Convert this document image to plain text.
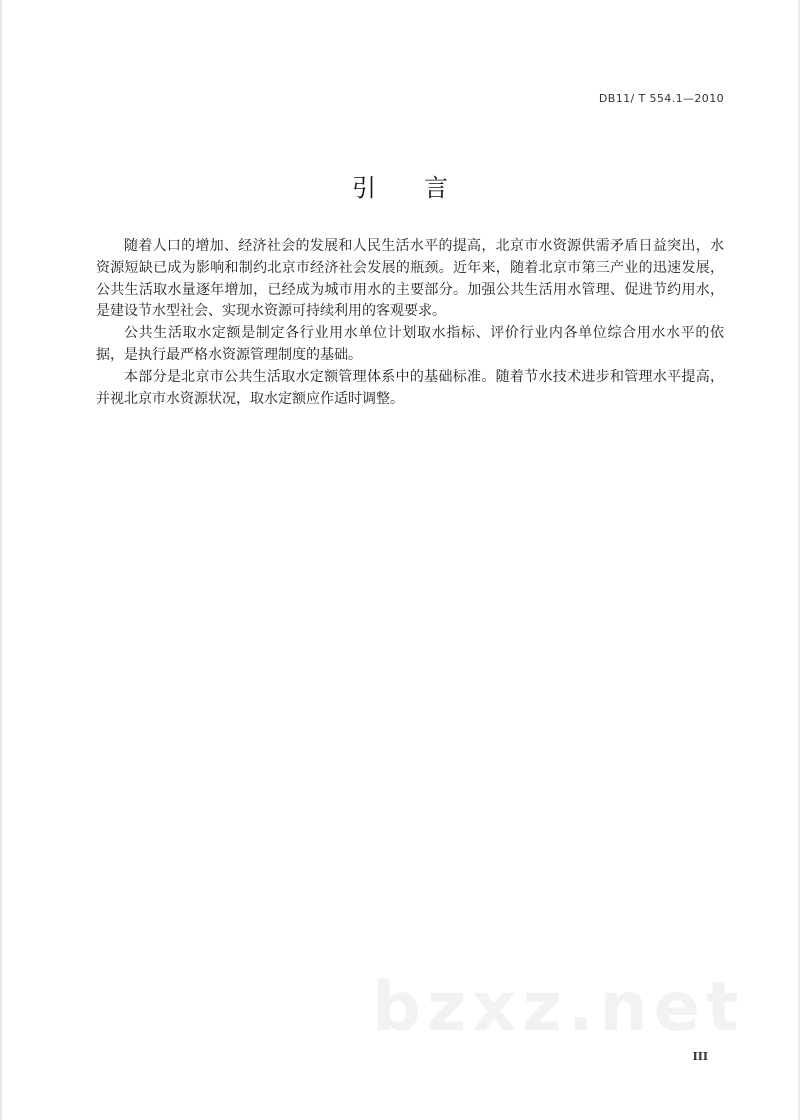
DB11/ T 554.1—2010
引言

随着人口的增加、经济社会的发展和人民生活水平的提高，北京市水资源供需矛盾日益突出，水资源短缺已成为影响和制约北京市经济社会发展的瓶颈。近年来，随着北京市第三产业的迅速发展，公共生活取水量逐年增加，已经成为城市用水的主要部分。加强公共生活用水管理、促进节约用水，是建设节水型社会、实现水资源可持续利用的客观要求。

公共生活取水定额是制定各行业用水单位计划取水指标、评价行业内各单位综合用水水平的依据，是执行最严格水资源管理制度的基础。

本部分是北京市公共生活取水定额管理体系中的基础标准。随着节水技术进步和管理水平提高，并视北京市水资源状况，取水定额应作适时调整。

bzxz.net
III
